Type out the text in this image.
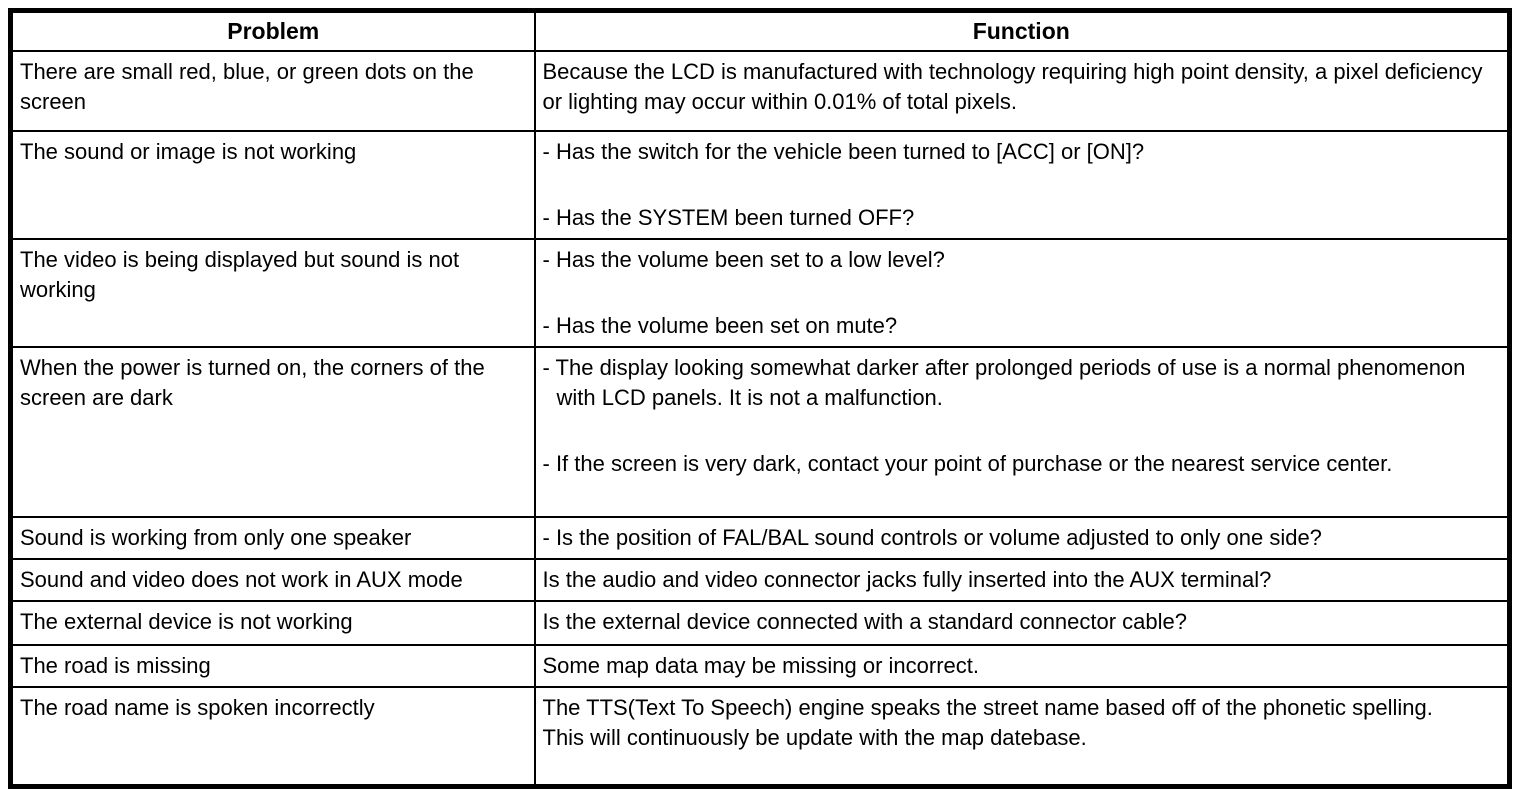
Problem	Function

There are small red, blue, or green dots on the screen	Because the LCD is manufactured with technology requiring high point density, a pixel deficiency or lighting may occur within 0.01% of total pixels.

The sound or image is not working	- Has the switch for the vehicle been turned to [ACC] or [ON]?
- Has the SYSTEM been turned OFF?

The video is being displayed but sound is not working	- Has the volume been set to a low level?
- Has the volume been set on mute?

When the power is turned on, the corners of the screen are dark	- The display looking somewhat darker after prolonged periods of use is a normal phenomenon with LCD panels. It is not a malfunction.
- If the screen is very dark, contact your point of purchase or the nearest service center.

Sound is working from only one speaker	- Is the position of FAL/BAL sound controls or volume adjusted to only one side?

Sound and video does not work in AUX mode	Is the audio and video connector jacks fully inserted into the AUX terminal?

The external device is not working	Is the external device connected with a standard connector cable?

The road is missing	Some map data may be missing or incorrect.

The road name is spoken incorrectly	The TTS(Text To Speech) engine speaks the street name based off of the phonetic spelling.
This will continuously be update with the map datebase.
